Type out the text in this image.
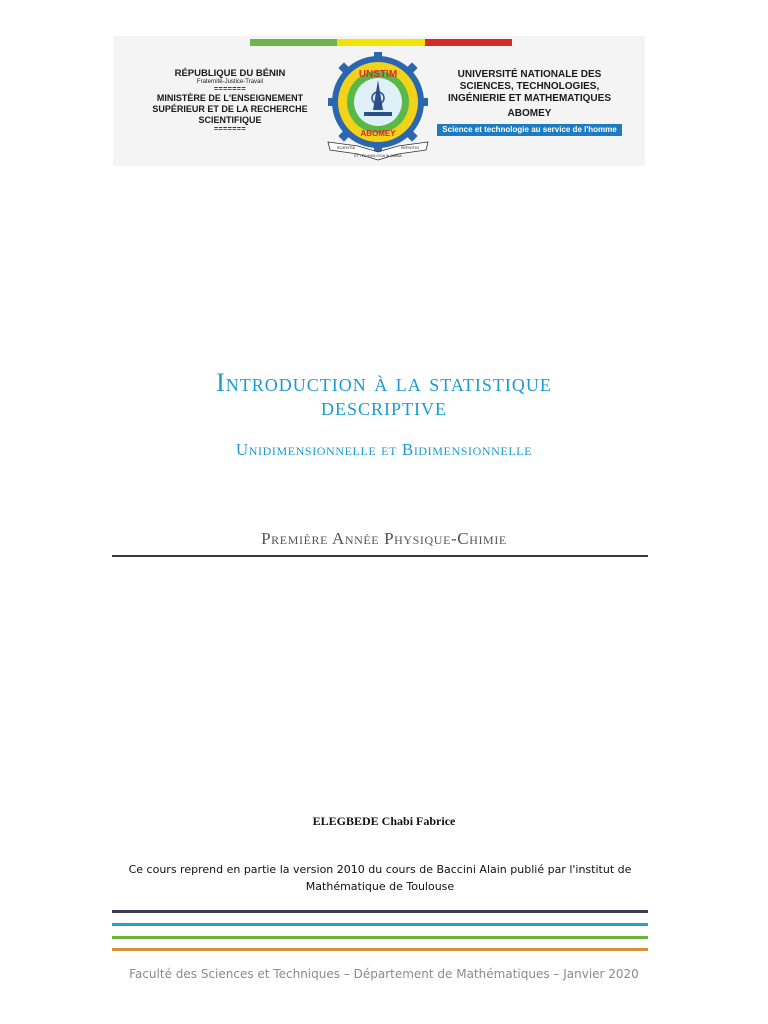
RÉPUBLIQUE DU BÉNIN
Fraternité-Justice-Travail
=======
MINISTÈRE DE L'ENSEIGNEMENT
SUPÉRIEUR ET DE LA RECHERCHE
SCIENTIFIQUE
=======
UNSTIM
ABOMEY
SCIENTIA	SERVITIO
ET TECHNOLOGIA IN OMNIA
UNIVERSITÉ NATIONALE DES
SCIENCES, TECHNOLOGIES,
INGÉNIERIE ET MATHEMATIQUES
ABOMEY
Science et technologie au service de l'homme
Introduction à la statistique
descriptive
Unidimensionnelle et Bidimensionnelle
Première Année Physique-Chimie
ELEGBEDE Chabi Fabrice
Ce cours reprend en partie la version 2010 du cours de Baccini Alain publié par l'institut de Mathématique de Toulouse
Faculté des Sciences et Techniques – Département de Mathématiques – Janvier 2020
